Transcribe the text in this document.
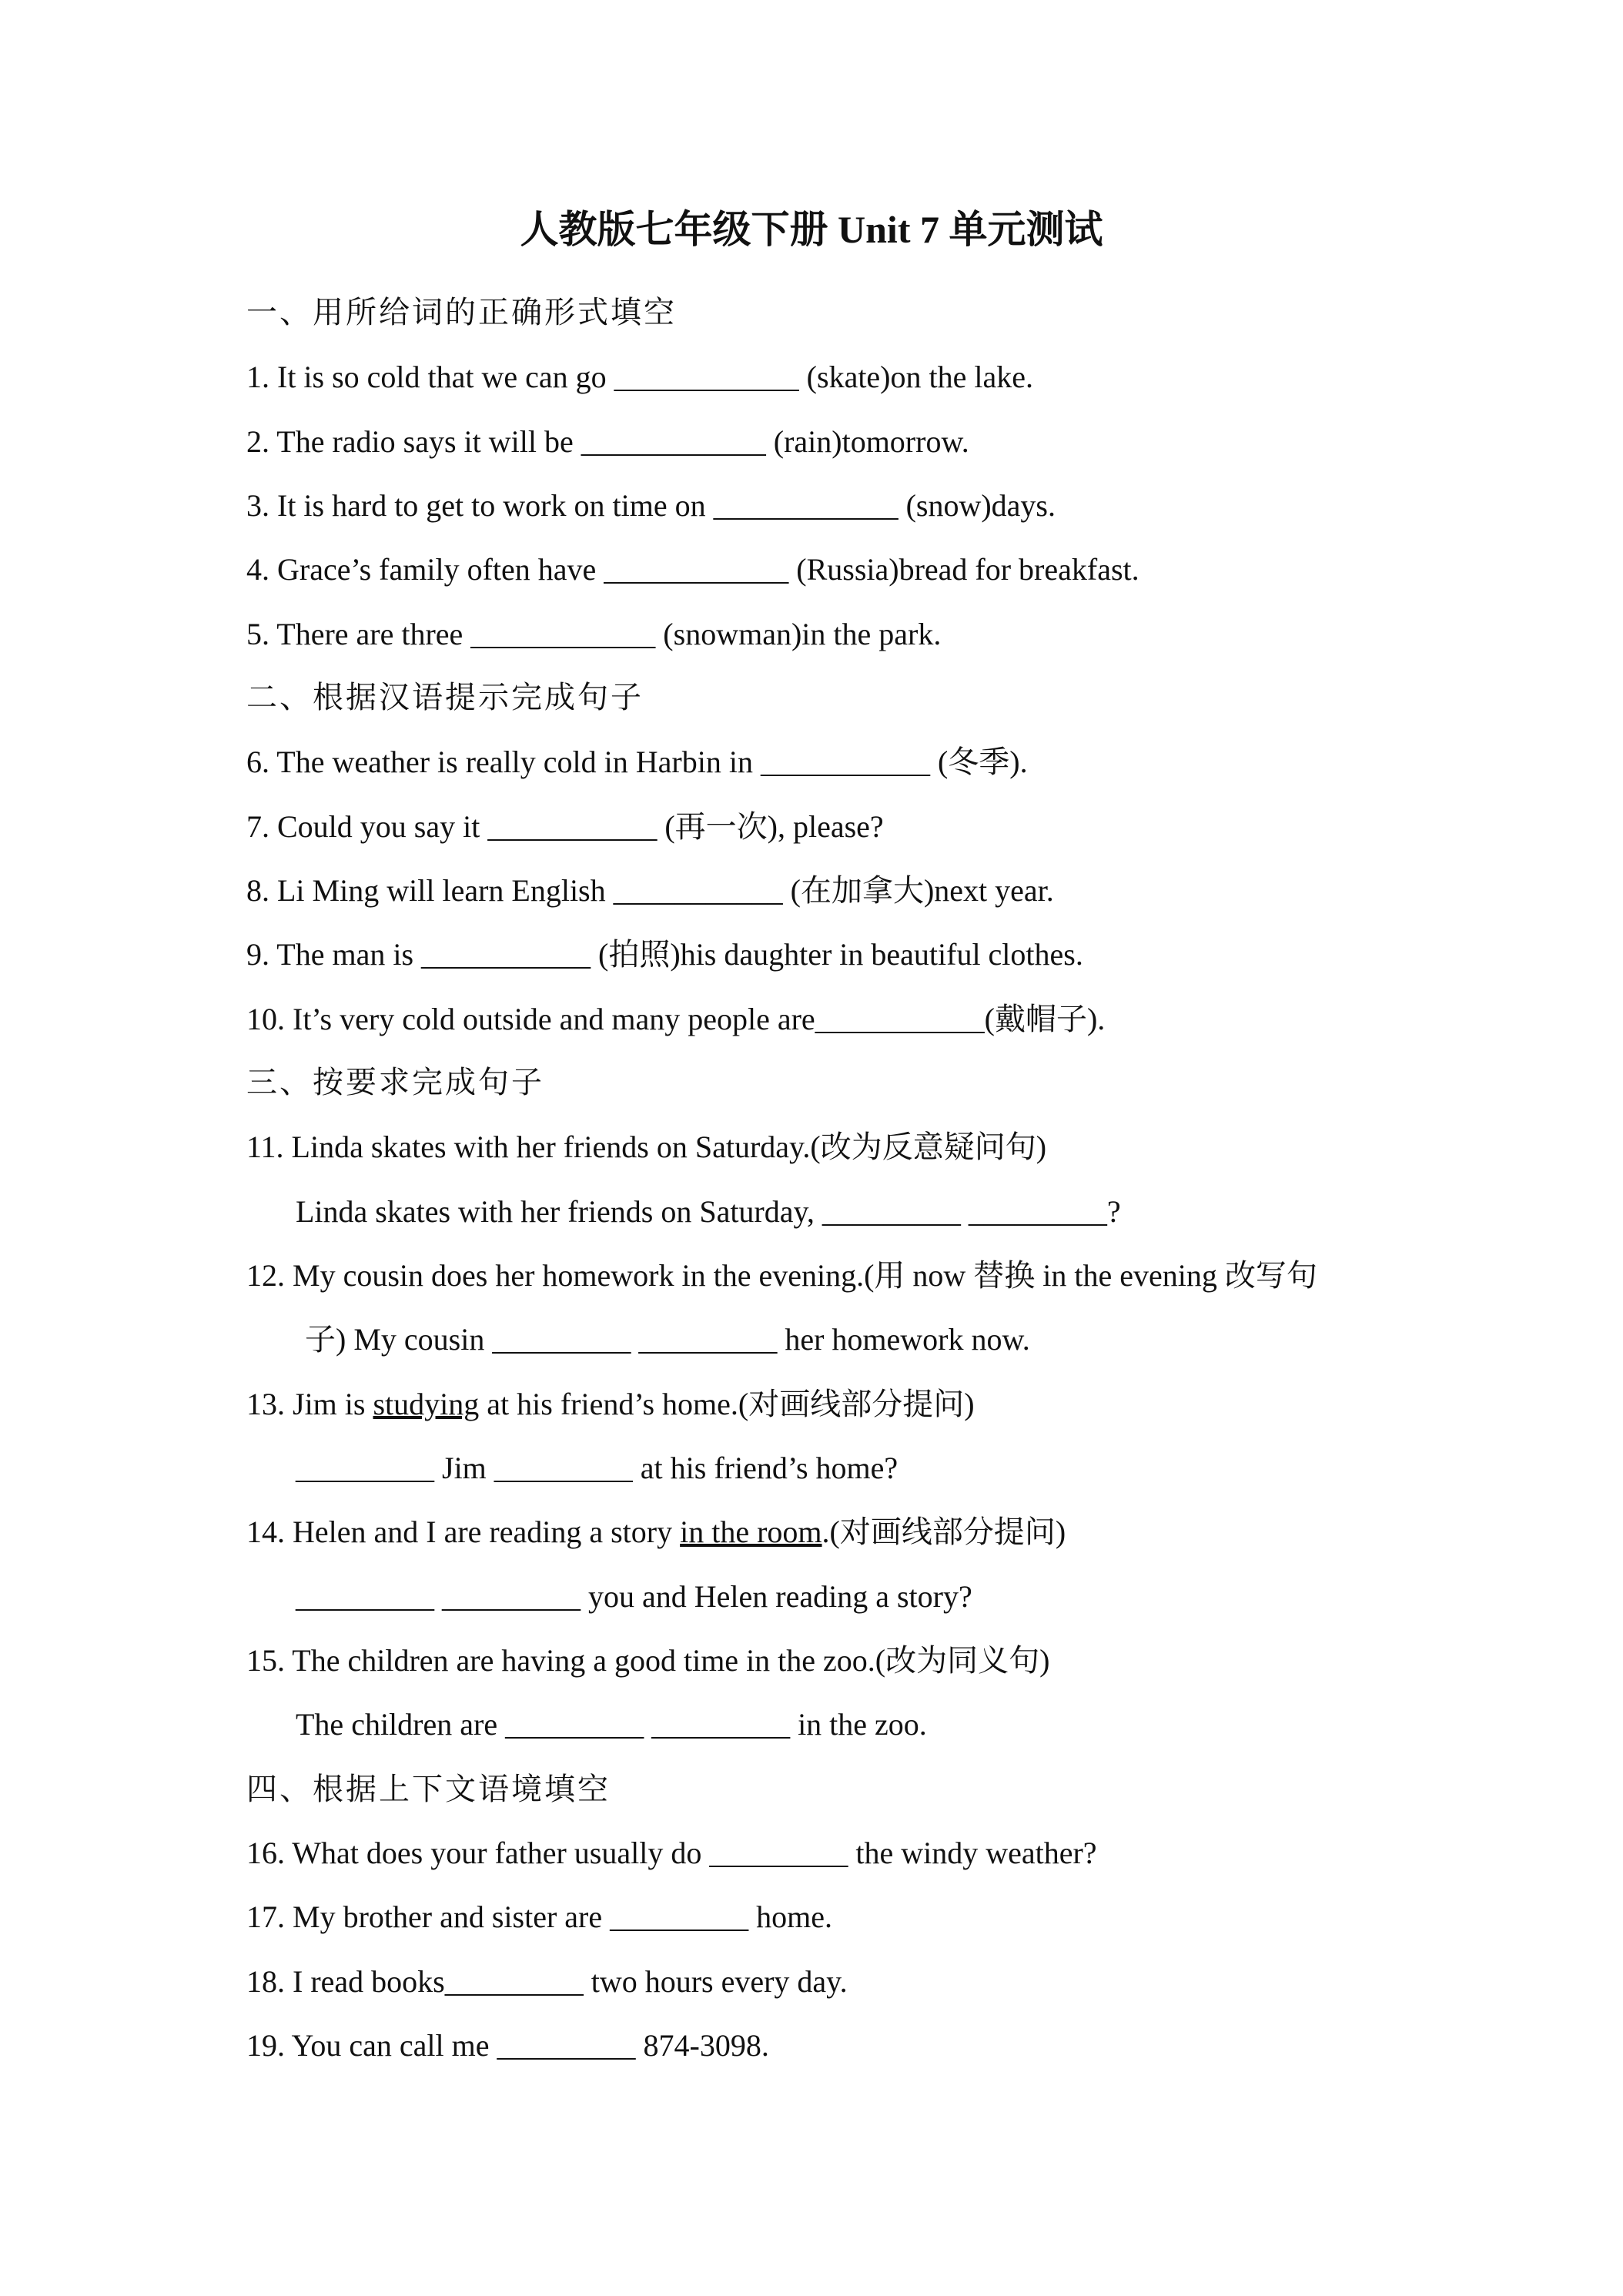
人教版七年级下册 Unit 7 单元测试
一、用所给词的正确形式填空
1. It is so cold that we can go ____________ (skate)on the lake.
2. The radio says it will be ____________ (rain)tomorrow.
3. It is hard to get to work on time on ____________ (snow)days.
4. Grace’s family often have ____________ (Russia)bread for breakfast.
5. There are three ____________ (snowman)in the park.
二、根据汉语提示完成句子
6. The weather is really cold in Harbin in ___________ (冬季).
7. Could you say it ___________ (再一次), please?
8. Li Ming will learn English ___________ (在加拿大)next year.
9. The man is ___________ (拍照)his daughter in beautiful clothes.
10. It’s very cold outside and many people are___________(戴帽子).
三、按要求完成句子
11. Linda skates with her friends on Saturday.(改为反意疑问句)
Linda skates with her friends on Saturday, _________ _________?
12. My cousin does her homework in the evening.(用 now 替换 in the evening 改写句
子) My cousin _________ _________ her homework now.
13. Jim is studying at his friend’s home.(对画线部分提问)
_________ Jim _________ at his friend’s home?
14. Helen and I are reading a story in the room.(对画线部分提问)
_________ _________ you and Helen reading a story?
15. The children are having a good time in the zoo.(改为同义句)
The children are _________ _________ in the zoo.
四、根据上下文语境填空
16. What does your father usually do _________ the windy weather?
17. My brother and sister are _________ home.
18. I read books_________ two hours every day.
19. You can call me _________ 874-3098.
